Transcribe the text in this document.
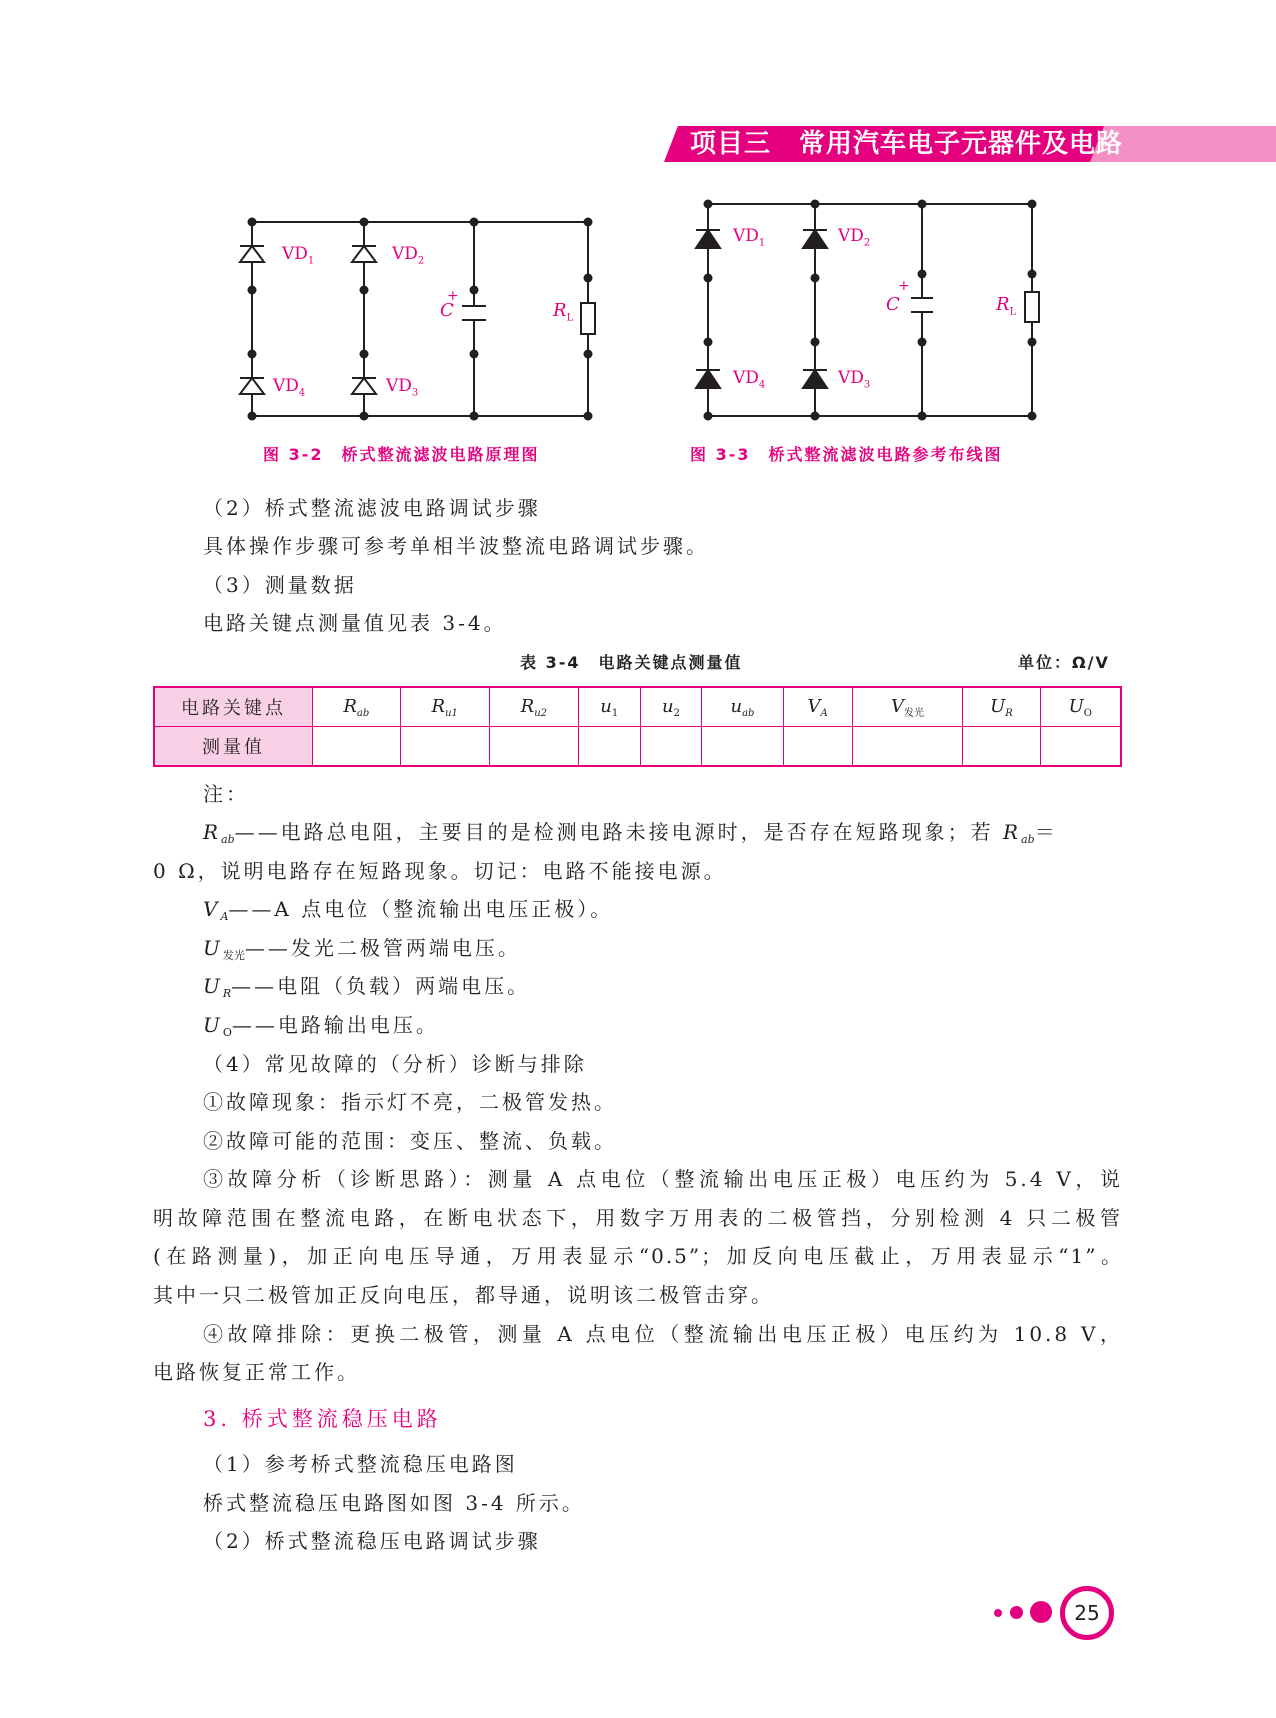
项目三 常用汽车电子元器件及电路
$VD_1$	$VD_2$
$VD_4$	$VD_3$
+
C	$R_L$
图 3-2　桥式整流滤波电路原理图
$VD_1$	$VD_2$
$VD_4$	$VD_3$
+
C	$R_L$
图 3-3　桥式整流滤波电路参考布线图
（2）桥式整流滤波电路调试步骤
具体操作步骤可参考单相半波整流电路调试步骤。
（3）测量数据
电路关键点测量值见表 3-4。
表 3-4　电路关键点测量值	单位：Ω/V
电路关键点	$R_{ab}$	$R_{u1}$	$R_{u2}$	$u_1$	$u_2$	$u_{ab}$	$V_A$	$V_{发光}$	$U_R$	$U_O$
测量值										
注：
$R_{ab}——$电路总电阻，主要目的是检测电路未接电源时，是否存在短路现象；若 $R_{ab}=$
0 Ω，说明电路存在短路现象。切记：电路不能接电源。
$V_A——A$ 点电位（整流输出电压正极）。
$U_{发光}——$发光二极管两端电压。
$U_R——$电阻（负载）两端电压。
$U_O——$电路输出电压。
（4）常见故障的（分析）诊断与排除
①故障现象：指示灯不亮，二极管发热。
②故障可能的范围：变压、整流、负载。
③故障分析（诊断思路）：测量 A 点电位（整流输出电压正极）电压约为 5.4 V，说
明故障范围在整流电路，在断电状态下，用数字万用表的二极管挡，分别检测 4 只二极管
(在路测量)，加正向电压导通，万用表显示“0.5”；加反向电压截止，万用表显示“1”。
其中一只二极管加正反向电压，都导通，说明该二极管击穿。
④故障排除：更换二极管，测量 A 点电位（整流输出电压正极）电压约为 10.8 V，
电路恢复正常工作。
3. 桥式整流稳压电路
（1）参考桥式整流稳压电路图
桥式整流稳压电路图如图 3-4 所示。
（2）桥式整流稳压电路调试步骤
25
